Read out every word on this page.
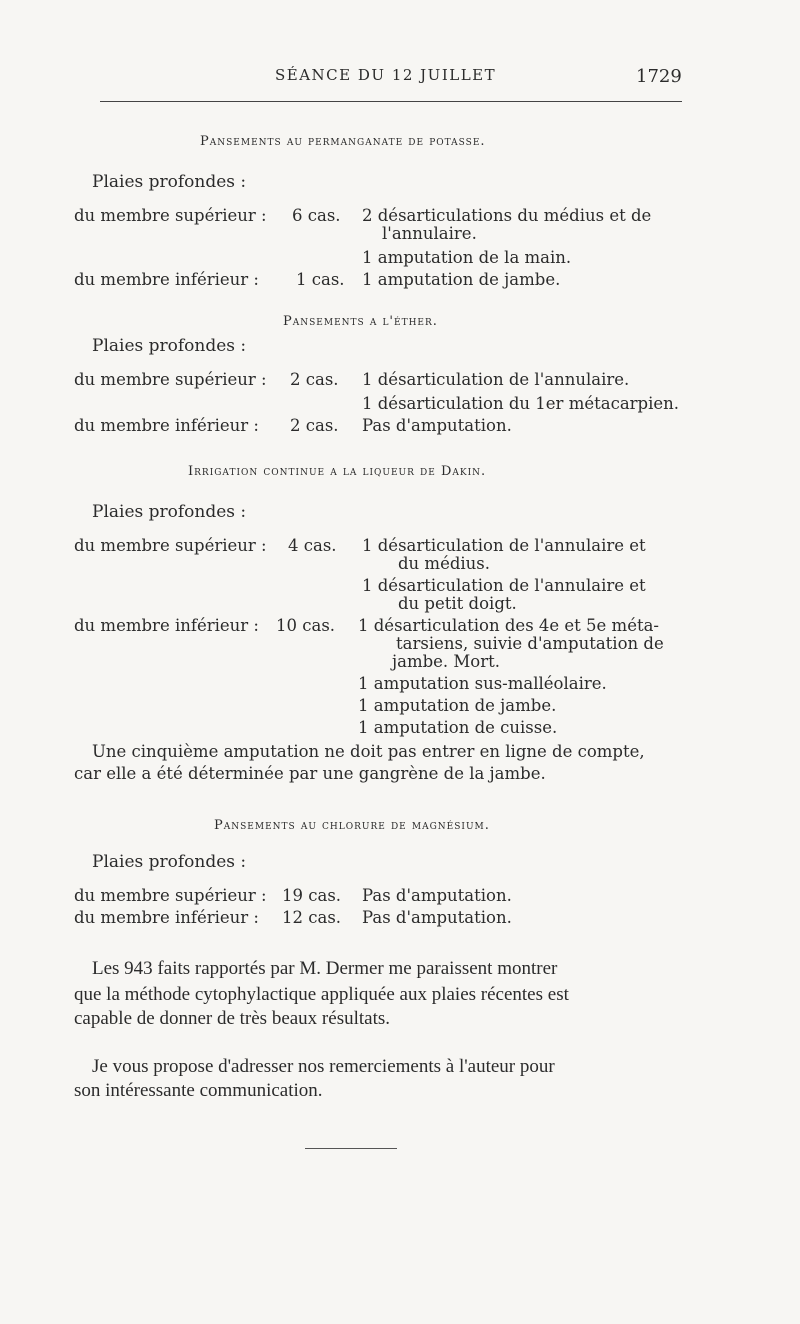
SÉANCE DU 12 JUILLET	1729
Pansements au permanganate de potasse.
Plaies profondes :
du membre supérieur : 6 cas. 2 désarticulations du médius et de
l'annulaire.
1 amputation de la main.
du membre inférieur : 1 cas. 1 amputation de jambe.
Pansements a l'éther.
Plaies profondes :
du membre supérieur : 2 cas. 1 désarticulation de l'annulaire.
1 désarticulation du 1er métacarpien.
du membre inférieur : 2 cas. Pas d'amputation.
Irrigation continue a la liqueur de Dakin.
Plaies profondes :
du membre supérieur : 4 cas. 1 désarticulation de l'annulaire et
du médius.
1 désarticulation de l'annulaire et
du petit doigt.
du membre inférieur : 10 cas. 1 désarticulation des 4e et 5e méta-
tarsiens, suivie d'amputation de
jambe. Mort.
1 amputation sus-malléolaire.
1 amputation de jambe.
1 amputation de cuisse.
Une cinquième amputation ne doit pas entrer en ligne de compte,
car elle a été déterminée par une gangrène de la jambe.
Pansements au chlorure de magnésium.
Plaies profondes :
du membre supérieur : 19 cas. Pas d'amputation.
du membre inférieur : 12 cas. Pas d'amputation.
Les 943 faits rapportés par M. Dermer me paraissent montrer
que la méthode cytophylactique appliquée aux plaies récentes est
capable de donner de très beaux résultats.
Je vous propose d'adresser nos remerciements à l'auteur pour
son intéressante communication.
